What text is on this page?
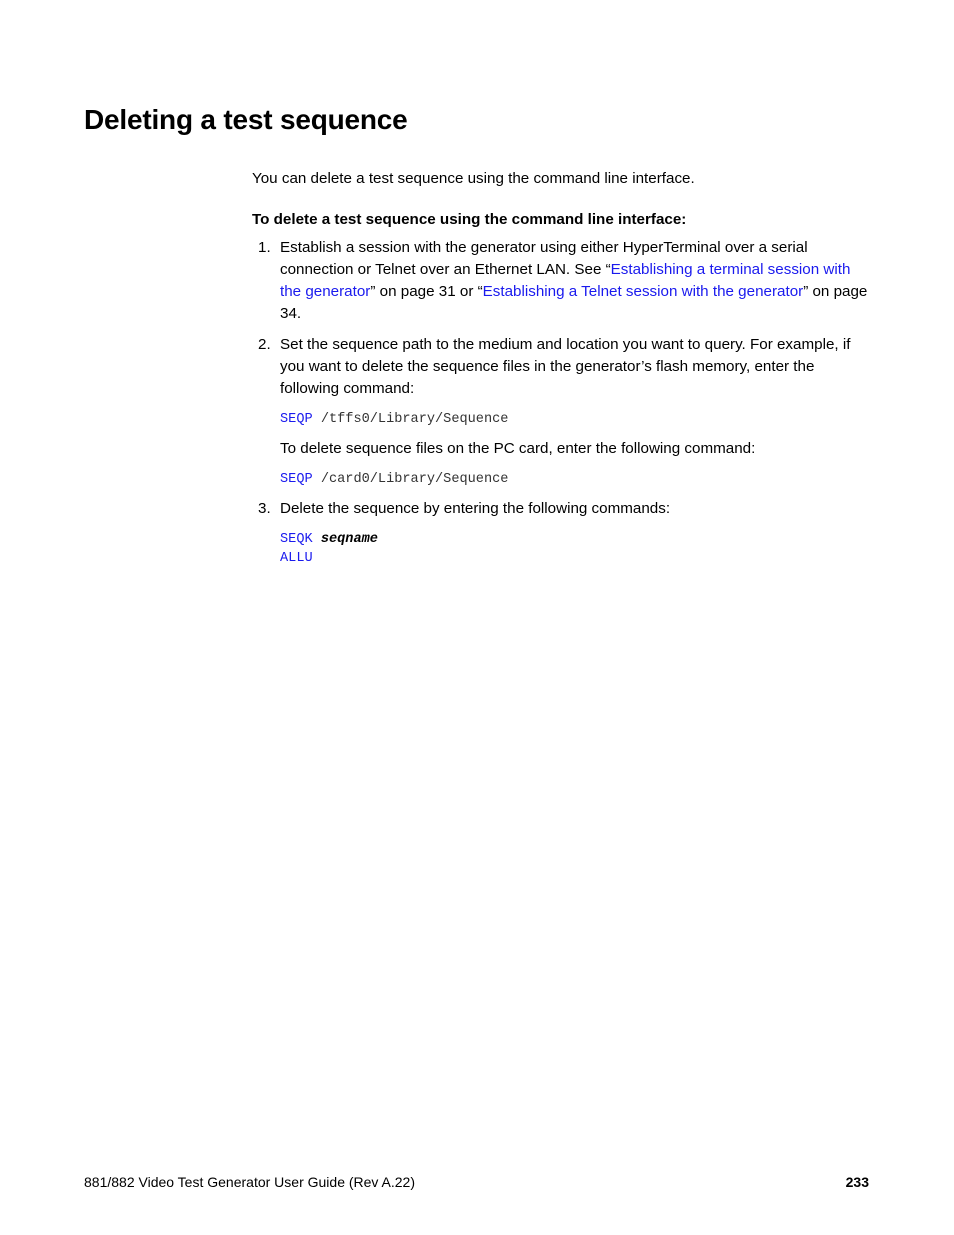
Deleting a test sequence

You can delete a test sequence using the command line interface.

To delete a test sequence using the command line interface:

1. Establish a session with the generator using either HyperTerminal over a serial connection or Telnet over an Ethernet LAN. See “Establishing a terminal session with the generator” on page 31 or “Establishing a Telnet session with the generator” on page 34.

2. Set the sequence path to the medium and location you want to query. For example, if you want to delete the sequence files in the generator’s flash memory, enter the following command:

SEQP /tffs0/Library/Sequence

To delete sequence files on the PC card, enter the following command:

SEQP /card0/Library/Sequence
3. Delete the sequence by entering the following commands:

SEQK seqname
ALLU
881/882 Video Test Generator User Guide (Rev A.22)	233
